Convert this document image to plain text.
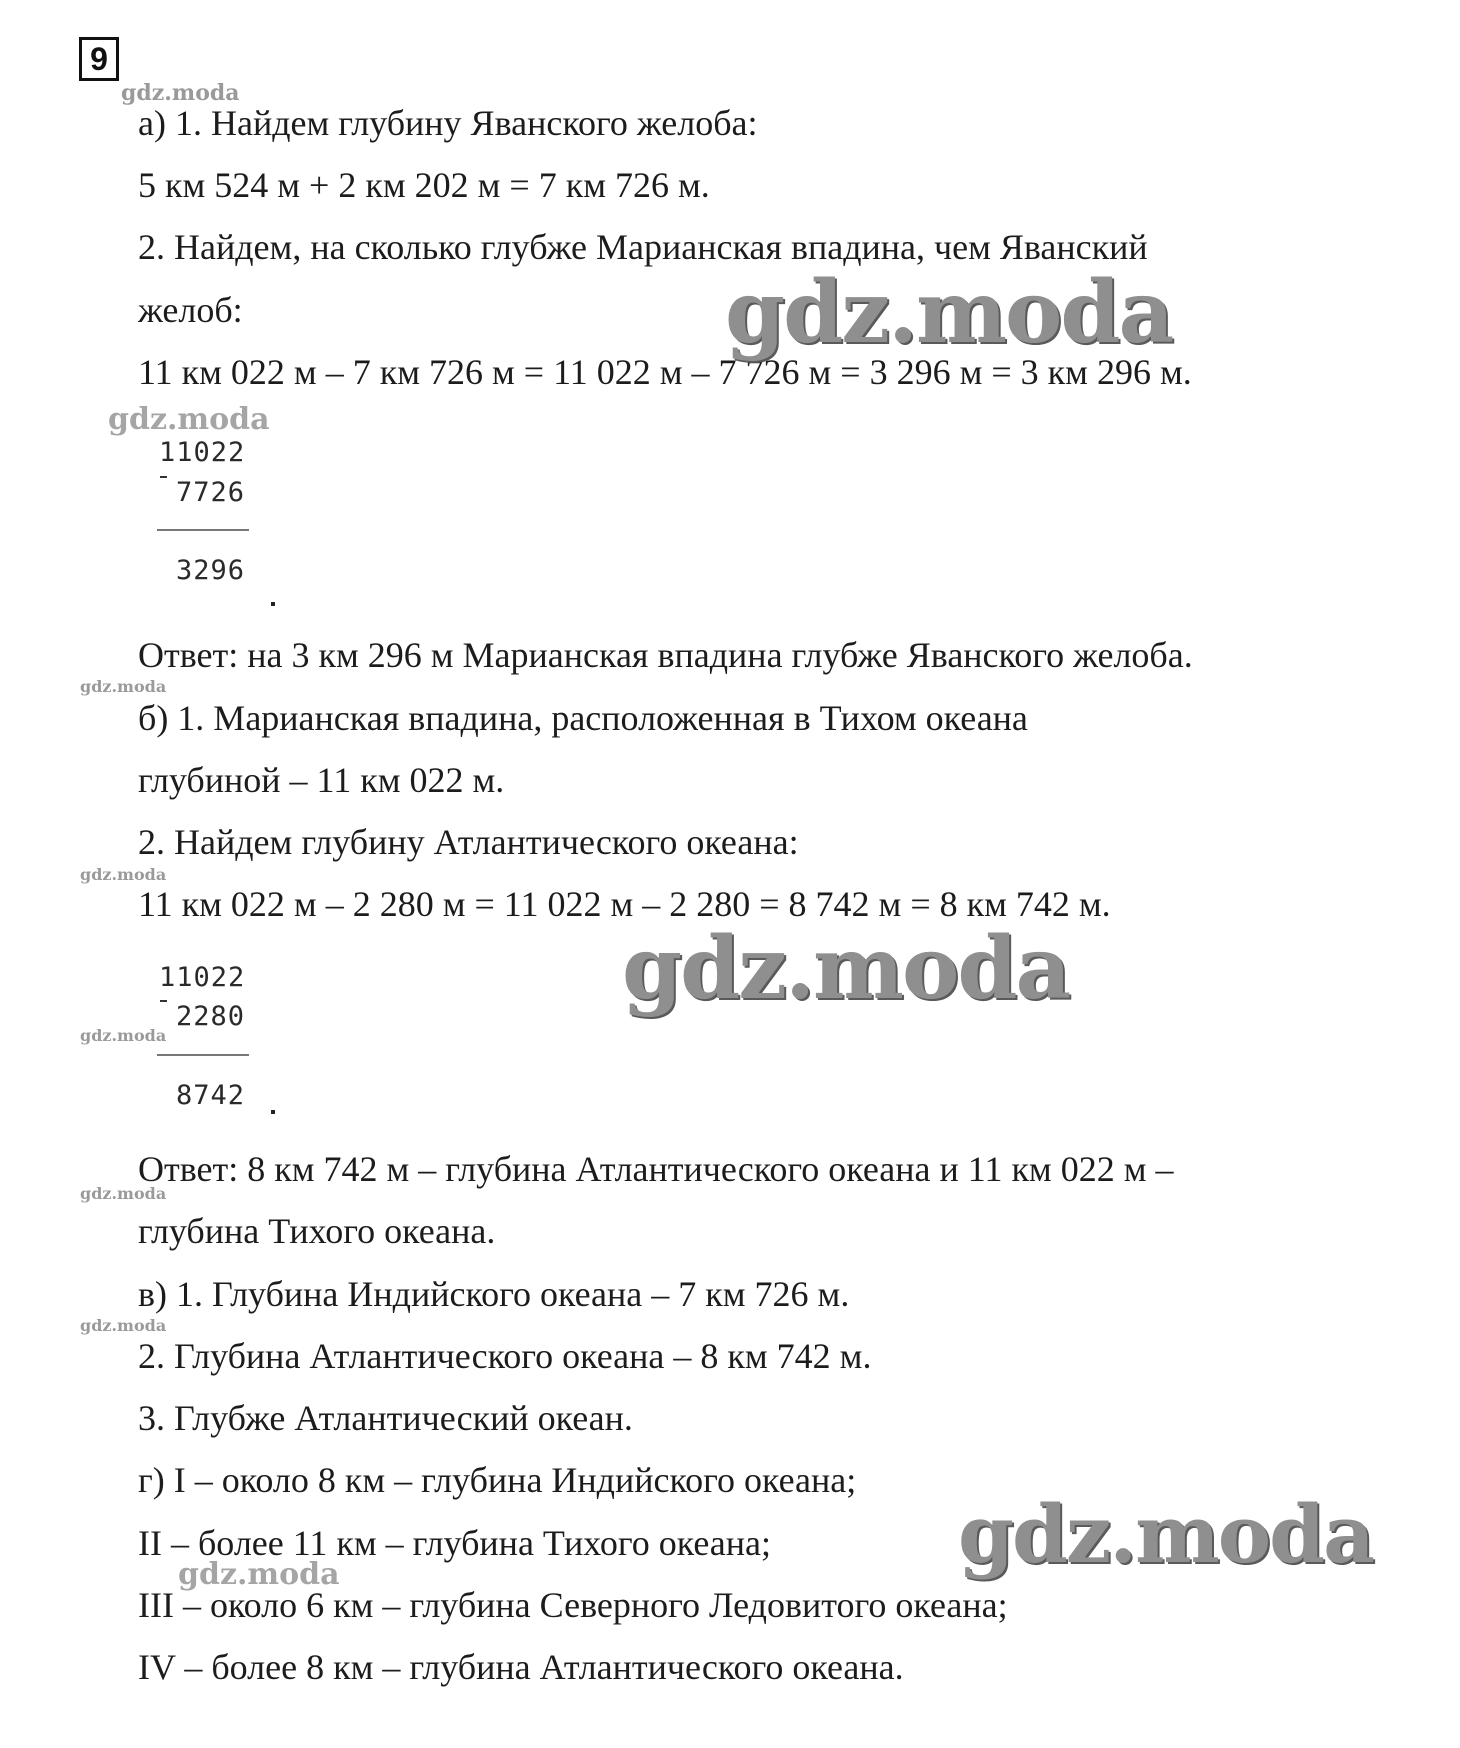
9
а) 1. Найдем глубину Яванского желоба:
5 км 524 м + 2 км 202 м = 7 км 726 м.
2. Найдем, на сколько глубже Марианская впадина, чем Яванский
желоб:
11 км 022 м – 7 км 726 м = 11 022 м – 7 726 м = 3 296 м = 3 км 296 м.
11022
7726
3296
Ответ: на 3 км 296 м Марианская впадина глубже Яванского желоба.
б) 1. Марианская впадина, расположенная в Тихом океана
глубиной – 11 км 022 м.
2. Найдем глубину Атлантического океана:
11 км 022 м – 2 280 м = 11 022 м – 2 280 = 8 742 м = 8 км 742 м.
11022
2280
8742
Ответ: 8 км 742 м – глубина Атлантического океана и 11 км 022 м –
глубина Тихого океана.
в) 1. Глубина Индийского океана – 7 км 726 м.
2. Глубина Атлантического океана – 8 км 742 м.
3. Глубже Атлантический океан.
г) I – около 8 км – глубина Индийского океана;
II – более 11 км – глубина Тихого океана;
III – около 6 км – глубина Северного Ледовитого океана;
IV – более 8 км – глубина Атлантического океана.
gdz.moda
gdz.moda
gdz.moda
gdz.moda
gdz.moda
gdz.moda
gdz.moda
gdz.moda
gdz.moda
gdz.moda
gdz.moda
